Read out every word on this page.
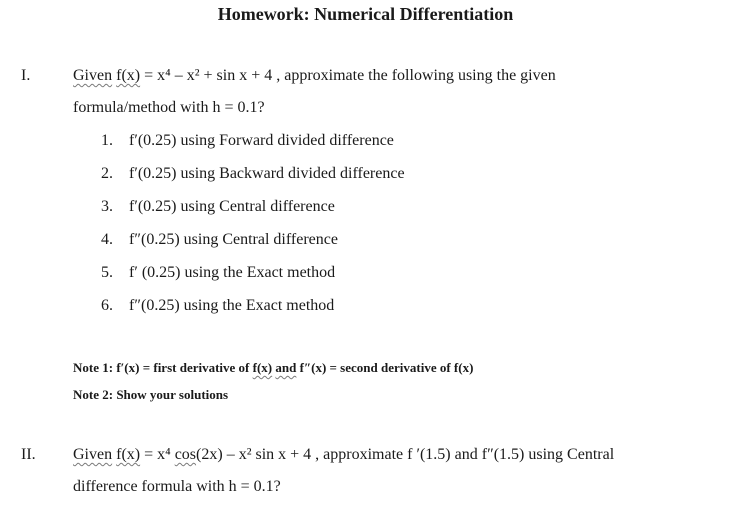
Homework: Numerical Differentiation
I.	Given f(x) = x⁴ – x² + sin x + 4 , approximate the following using the given
formula/method with h = 0.1?
1. f′(0.25) using Forward divided difference
2. f′(0.25) using Backward divided difference
3. f′(0.25) using Central difference
4. f″(0.25) using Central difference
5. f′ (0.25) using the Exact method
6. f″(0.25) using the Exact method
Note 1: f′(x) = first derivative of f(x) and f″(x) = second derivative of f(x)
Note 2: Show your solutions
II. Given f(x) = x⁴ cos(2x) – x² sin x + 4 , approximate f ′(1.5) and f″(1.5) using Central
difference formula with h = 0.1?
